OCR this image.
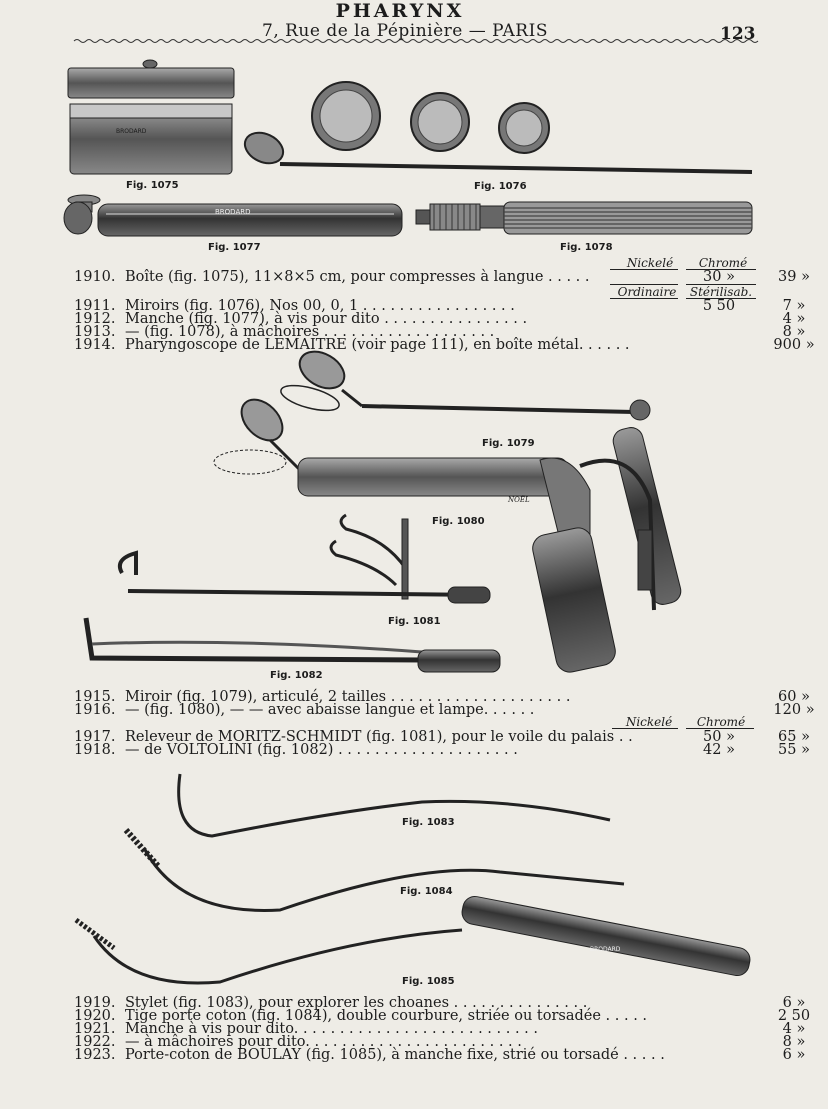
7, Rue de la Pépinière — PARIS	123
PHARYNX
BRODARD
Fig. 1075	Fig. 1076
BRODARD
Fig. 1077	Fig. 1078
Nickelé	Chromé
Ordinaire	Stérilisab.
1910. Boîte (fig. 1075), 11×8×5 cm, pour compresses à langue . . . . .	30 »	39 »
1911. Miroirs (fig. 1076), Nos 00, 0, 1 . . . . . . . . . . . . . . . . .	5 50	7 »
1912. Manche (fig. 1077), à vis pour dito . . . . . . . . . . . . . . . .	4 »
1913. — (fig. 1078), à mâchoires . . . . . . . . . . . . . . . . . . .	8 »
1914. Pharyngoscope de LEMAITRE (voir page 111), en boîte métal. . . . . .	900 »
Fig. 1079
NOËL
Fig. 1080
Fig. 1081
Fig. 1082
1915. Miroir (fig. 1079), articulé, 2 tailles . . . . . . . . . . . . . . . . . . . .	60 »
1916. — (fig. 1080), — — avec abaisse langue et lampe. . . . . .	120 »
Nickelé	Chromé
1917. Releveur de MORITZ-SCHMIDT (fig. 1081), pour le voile du palais . .	50 »	65 »
1918. — de VOLTOLINI (fig. 1082) . . . . . . . . . . . . . . . . . . . .	42 »	55 »
Fig. 1083
Fig. 1084
BRODARD
Fig. 1085
1919. Stylet (fig. 1083), pour explorer les choanes . . . . . . . . . . . . . . .	6 »
1920. Tige porte coton (fig. 1084), double courbure, striée ou torsadée . . . . .	2 50
1921. Manche à vis pour dito. . . . . . . . . . . . . . . . . . . . . . . . . . .	4 »
1922. — à mâchoires pour dito. . . . . . . . . . . . . . . . . . . . . . . .	8 »
1923. Porte-coton de BOULAY (fig. 1085), à manche fixe, strié ou torsadé . . . . .	6 »
